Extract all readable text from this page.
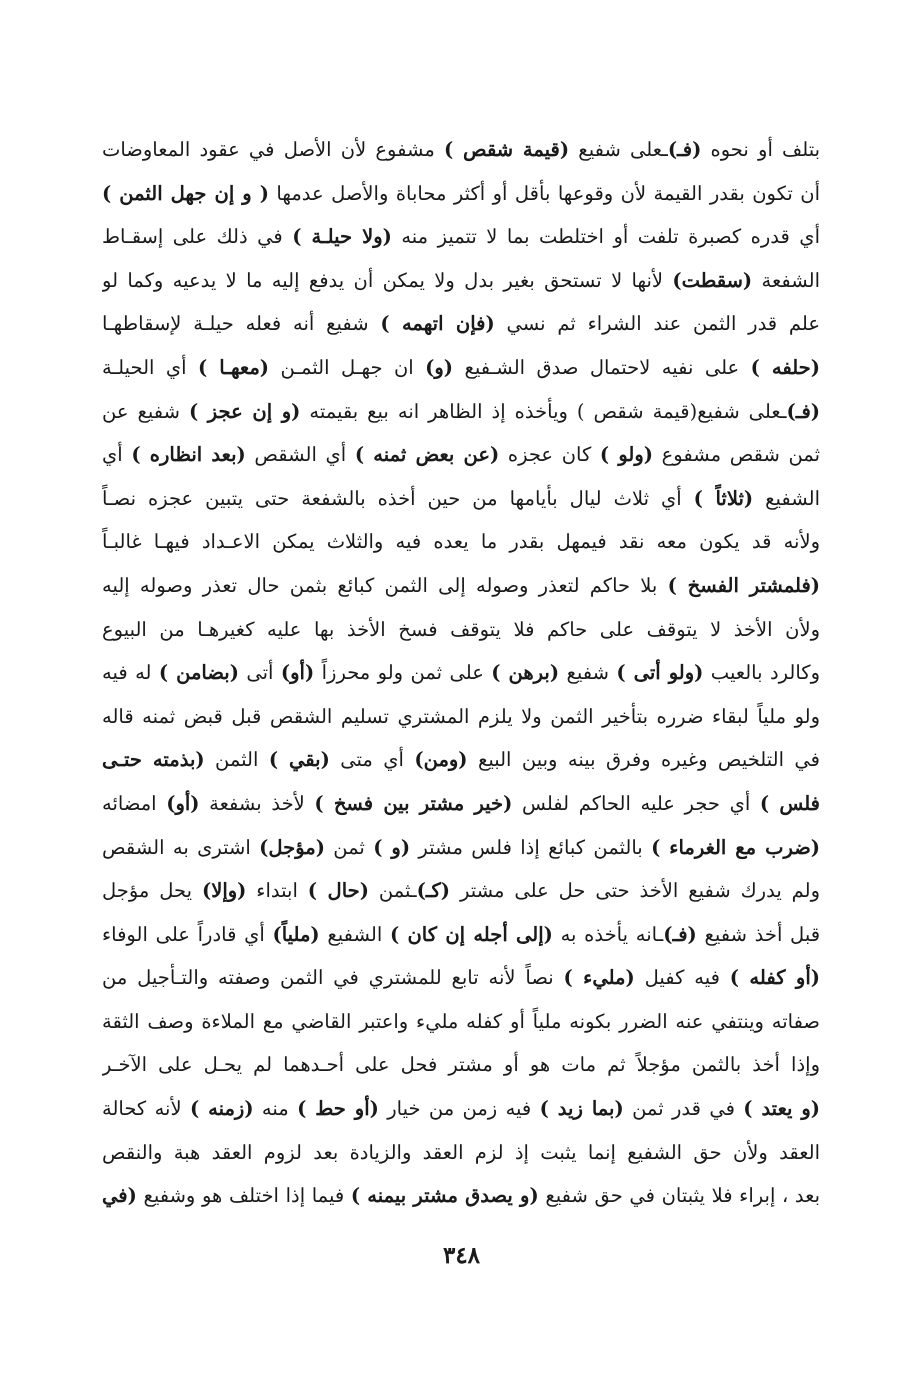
بتلف أو نحوه (فـ)ـعلى شفيع (قيمة شقص ) مشفوع لأن الأصل في عقود المعاوضات
أن تكون بقدر القيمة لأن وقوعها بأقل أو أكثر محاباة والأصل عدمها ( و إن جهل الثمن )
أي قدره كصبرة تلفت أو اختلطت بما لا تتميز منه (ولا حيلـة ) في ذلك على إسقـاط
الشفعة (سقطت) لأنها لا تستحق بغير بدل ولا يمكن أن يدفع إليه ما لا يدعيه وكما لو
علم قدر الثمن عند الشراء ثم نسي (فإن اتهمه ) شفيع أنه فعله حيلـة لإسقاطهـا
(حلفه ) على نفيه لاحتمال صدق الشـفيع (و) ان جهـل الثمـن (معهـا ) أي الحيلـة
(فـ)ـعلى شفيع(قيمة شقص ) ويأخذه إذ الظاهر انه بيع بقيمته (و إن عجز ) شفيع عن
ثمن شقص مشفوع (ولو ) كان عجزه (عن بعض ثمنه ) أي الشقص (بعد انظاره ) أي
الشفيع (ثلاثاً ) أي ثلاث ليال بأيامها من حين أخذه بالشفعة حتى يتبين عجزه نصـاً
ولأنه قد يكون معه نقد فيمهل بقدر ما يعده فيه والثلاث يمكن الاعـداد فيهـا غالبـاً
(فلمشتر الفسخ ) بلا حاكم لتعذر وصوله إلى الثمن كبائع بثمن حال تعذر وصوله إليه
ولأن الأخذ لا يتوقف على حاكم فلا يتوقف فسخ الأخذ بها عليه كغيرهـا من البيوع
وكالرد بالعيب (ولو أتى ) شفيع (برهن ) على ثمن ولو محرزاً (أو) أتى (بضامن ) له فيه
ولو ملياً لبقاء ضرره بتأخير الثمن ولا يلزم المشتري تسليم الشقص قبل قبض ثمنه قاله
في التلخيص وغيره وفرق بينه وبين البيع (ومن) أي متى (بقي ) الثمن (بذمته حتـى
فلس ) أي حجر عليه الحاكم لفلس (خير مشتر بين فسخ ) لأخذ بشفعة (أو) امضائه
(ضرب مع الغرماء ) بالثمن كبائع إذا فلس مشتر (و ) ثمن (مؤجل) اشترى به الشقص
ولم يدرك شفيع الأخذ حتى حل على مشتر (كـ)ـثمن (حال ) ابتداء (وإلا) يحل مؤجل
قبل أخذ شفيع (فـ)ـانه يأخذه به (إلى أجله إن كان ) الشفيع (ملياً) أي قادراً على الوفاء
(أو كفله ) فيه كفيل (مليء ) نصاً لأنه تابع للمشتري في الثمن وصفته والتـأجيل من
صفاته وينتفي عنه الضرر بكونه ملياً أو كفله مليء واعتبر القاضي مع الملاءة وصف الثقة
وإذا أخذ بالثمن مؤجلاً ثم مات هو أو مشتر فحل على أحـدهما لم يحـل على الآخـر
(و يعتد ) في قدر ثمن (بما زيد ) فيه زمن من خيار (أو حط ) منه (زمنه ) لأنه كحالة
العقد ولأن حق الشفيع إنما يثبت إذ لزم العقد والزيادة بعد لزوم العقد هبة والنقص
بعد ، إبراء فلا يثبتان في حق شفيع (و يصدق مشتر بيمنه ) فيما إذا اختلف هو وشفيع (في
٣٤٨
